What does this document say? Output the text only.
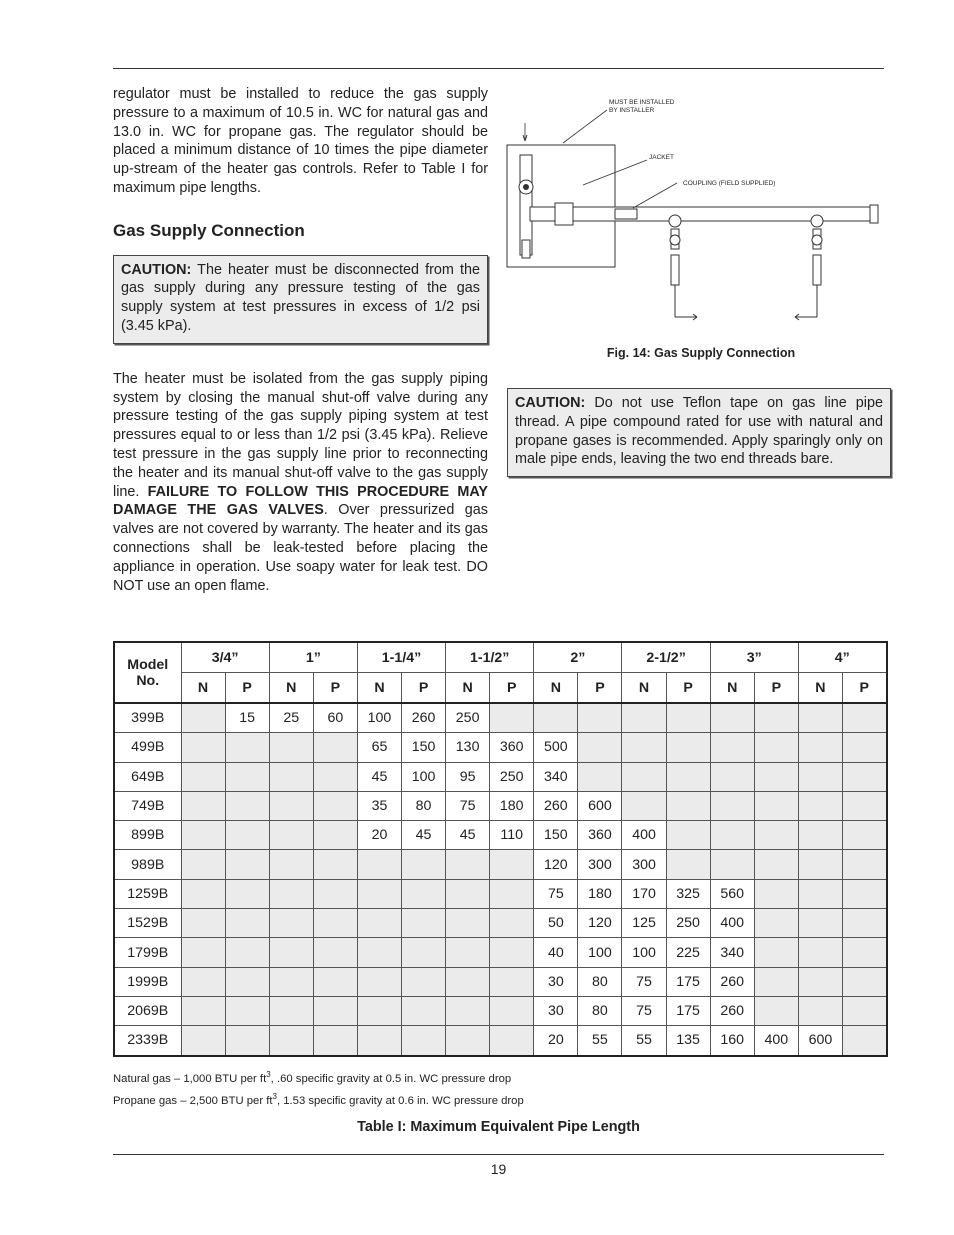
regulator must be installed to reduce the gas supply pressure to a maximum of 10.5 in. WC for natural gas and 13.0 in. WC for propane gas. The regulator should be placed a minimum distance of 10 times the pipe diameter up-stream of the heater gas controls. Refer to Table I for maximum pipe lengths.

Gas Supply Connection
CAUTION: The heater must be disconnected from the gas supply during any pressure testing of the gas supply system at test pressures in excess of 1/2 psi (3.45 kPa).

The heater must be isolated from the gas supply piping system by closing the manual shut-off valve during any pressure testing of the gas supply piping system at test pressures equal to or less than 1/2 psi (3.45 kPa). Relieve test pressure in the gas supply line prior to reconnecting the heater and its manual shut-off valve to the gas supply line. FAILURE TO FOLLOW THIS PROCEDURE MAY DAMAGE THE GAS VALVES. Over pressurized gas valves are not covered by warranty. The heater and its gas connections shall be leak-tested before placing the appliance in operation. Use soapy water for leak test. DO NOT use an open flame.

MUST BE INSTALLED
BY INSTALLER
JACKET
COUPLING (FIELD SUPPLIED)
Fig. 14: Gas Supply Connection
CAUTION: Do not use Teflon tape on gas line pipe thread. A pipe compound rated for use with natural and propane gases is recommended. Apply sparingly only on male pipe ends, leaving the two end threads bare.
Model No.	3/4”		1”		1-1/4”		1-1/2”		2”		2-1/2”		3”		4”	
	N	P	N	P	N	P	N	P	N	P	N	P	N	P	N	P
399B		15	25	60	100	260	250									
499B					65	150	130	360	500							
649B					45	100	95	250	340							
749B					35	80	75	180	260	600						
899B					20	45	45	110	150	360	400					
989B									120	300	300					
1259B									75	180	170	325	560			
1529B									50	120	125	250	400			
1799B									40	100	100	225	340			
1999B									30	80	75	175	260			
2069B									30	80	75	175	260			
2339B									20	55	55	135	160	400	600	
Natural gas – 1,000 BTU per $ft^3$, .60 specific gravity at 0.5 in. WC pressure drop
Propane gas – 2,500 BTU per $ft^3$, 1.53 specific gravity at 0.6 in. WC pressure drop
Table I: Maximum Equivalent Pipe Length
19
